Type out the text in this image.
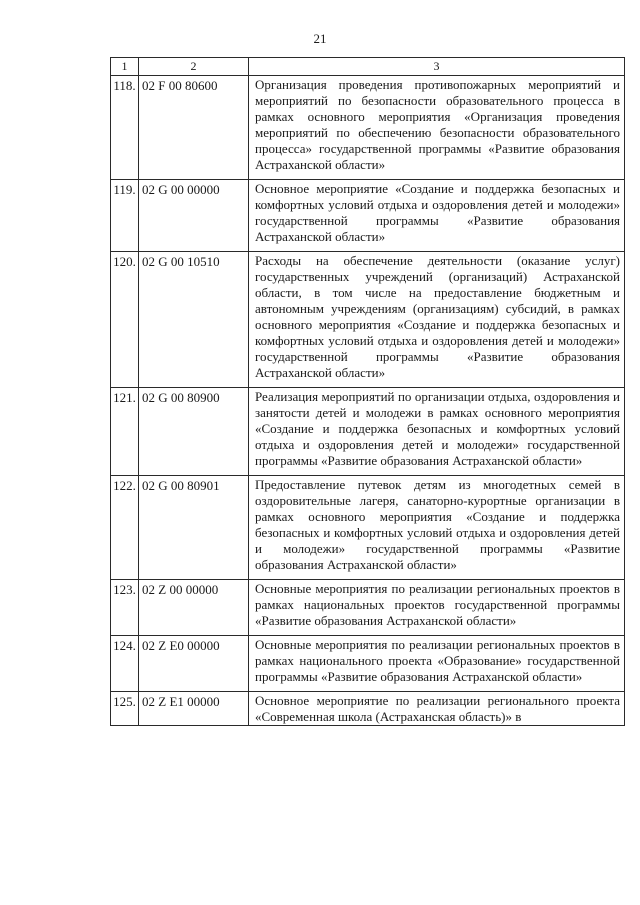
21
1	2	3
118.	02 F 00 80600	Организация проведения противопожарных мероприятий и мероприятий по безопасности образовательного процесса в рамках основного мероприятия «Организация проведения мероприятий по обеспечению безопасности образовательного процесса» государственной программы «Развитие образования Астраханской области»
119.	02 G 00 00000	Основное мероприятие «Создание и поддержка безопасных и комфортных условий отдыха и оздоровления детей и молодежи» государственной программы «Развитие образования Астраханской области»
120.	02 G 00 10510	Расходы на обеспечение деятельности (оказание услуг) государственных учреждений (организаций) Астраханской области, в том числе на предоставление бюджетным и автономным учреждениям (организациям) субсидий, в рамках основного мероприятия «Создание и поддержка безопасных и комфортных условий отдыха и оздоровления детей и молодежи» государственной программы «Развитие образования Астраханской области»
121.	02 G 00 80900	Реализация мероприятий по организации отдыха, оздоровления и занятости детей и молодежи в рамках основного мероприятия «Создание и поддержка безопасных и комфортных условий отдыха и оздоровления детей и молодежи» государственной программы «Развитие образования Астраханской области»
122.	02 G 00 80901	Предоставление путевок детям из многодетных семей в оздоровительные лагеря, санаторно-курортные организации в рамках основного мероприятия «Создание и поддержка безопасных и комфортных условий отдыха и оздоровления детей и молодежи» государственной программы «Развитие образования Астраханской области»
123.	02 Z 00 00000	Основные мероприятия по реализации региональных проектов в рамках национальных проектов государственной программы «Развитие образования Астраханской области»
124.	02 Z E0 00000	Основные мероприятия по реализации региональных проектов в рамках национального проекта «Образование» государственной программы «Развитие образования Астраханской области»
125.	02 Z E1 00000	Основное мероприятие по реализации регионального проекта «Современная школа (Астраханская область)» в
